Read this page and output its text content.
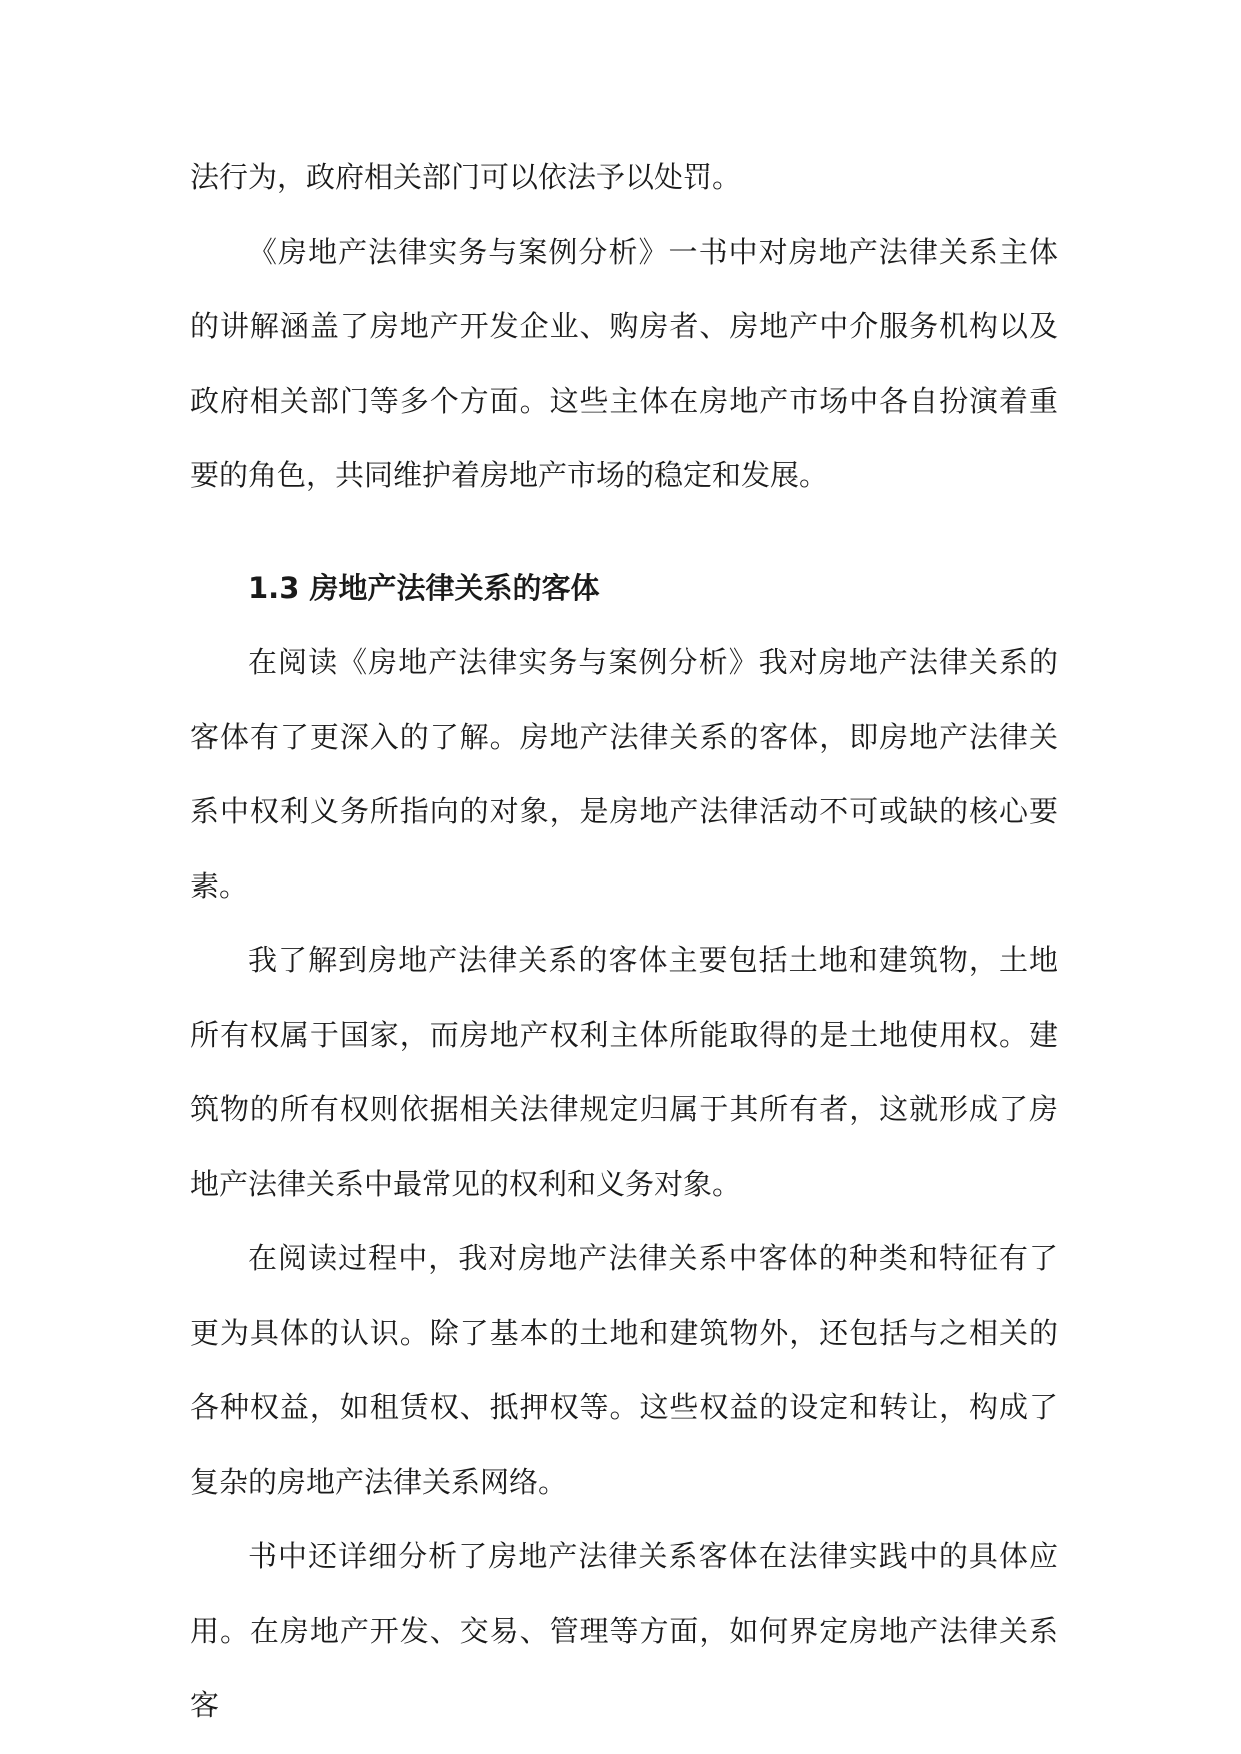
法行为，政府相关部门可以依法予以处罚。

《房地产法律实务与案例分析》一书中对房地产法律关系主体的讲解涵盖了房地产开发企业、购房者、房地产中介服务机构以及政府相关部门等多个方面。这些主体在房地产市场中各自扮演着重要的角色，共同维护着房地产市场的稳定和发展。

1.3 房地产法律关系的客体

在阅读《房地产法律实务与案例分析》我对房地产法律关系的客体有了更深入的了解。房地产法律关系的客体，即房地产法律关系中权利义务所指向的对象，是房地产法律活动不可或缺的核心要素。

我了解到房地产法律关系的客体主要包括土地和建筑物，土地所有权属于国家，而房地产权利主体所能取得的是土地使用权。建筑物的所有权则依据相关法律规定归属于其所有者，这就形成了房地产法律关系中最常见的权利和义务对象。

在阅读过程中，我对房地产法律关系中客体的种类和特征有了更为具体的认识。除了基本的土地和建筑物外，还包括与之相关的各种权益，如租赁权、抵押权等。这些权益的设定和转让，构成了复杂的房地产法律关系网络。

书中还详细分析了房地产法律关系客体在法律实践中的具体应用。在房地产开发、交易、管理等方面，如何界定房地产法律关系客
